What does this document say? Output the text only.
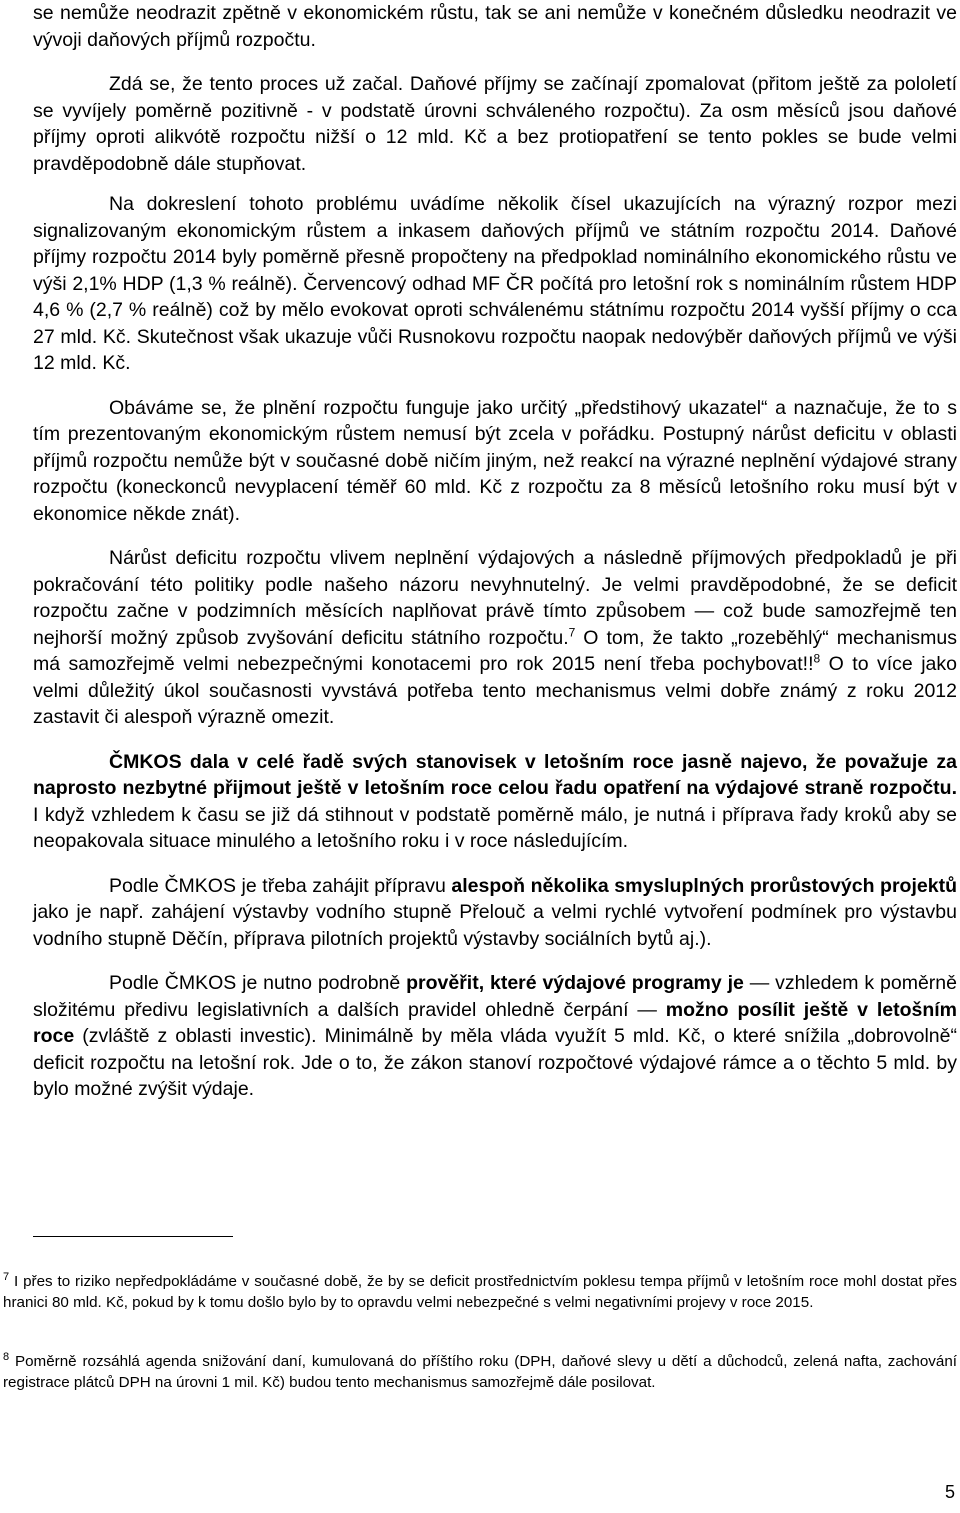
se nemůže neodrazit zpětně v ekonomickém růstu, tak se ani nemůže v konečném důsledku neodrazit ve vývoji daňových příjmů rozpočtu.

Zdá se, že tento proces už začal. Daňové příjmy se začínají zpomalovat (přitom ještě za pololetí se vyvíjely poměrně pozitivně - v podstatě úrovni schváleného rozpočtu). Za osm měsíců jsou daňové příjmy oproti alikvótě rozpočtu nižší o 12 mld. Kč a bez protiopatření se tento pokles se bude velmi pravděpodobně dále stupňovat.

Na dokreslení tohoto problému uvádíme několik čísel ukazujících na výrazný rozpor mezi signalizovaným ekonomickým růstem a inkasem daňových příjmů ve státním rozpočtu 2014. Daňové příjmy rozpočtu 2014 byly poměrně přesně propočteny na předpoklad nominálního ekonomického růstu ve výši 2,1% HDP (1,3 % reálně). Červencový odhad MF ČR počítá pro letošní rok s nominálním růstem HDP 4,6 % (2,7 % reálně) což by mělo evokovat oproti schválenému státnímu rozpočtu 2014 vyšší příjmy o cca 27 mld. Kč. Skutečnost však ukazuje vůči Rusnokovu rozpočtu naopak nedovýběr daňových příjmů ve výši 12 mld. Kč.

Obáváme se, že plnění rozpočtu funguje jako určitý „předstihový ukazatel“ a naznačuje, že to s tím prezentovaným ekonomickým růstem nemusí být zcela v pořádku. Postupný nárůst deficitu v oblasti příjmů rozpočtu nemůže být v současné době ničím jiným, než reakcí na výrazné neplnění výdajové strany rozpočtu (koneckonců nevyplacení téměř 60 mld. Kč z rozpočtu za 8 měsíců letošního roku musí být v ekonomice někde znát).

Nárůst deficitu rozpočtu vlivem neplnění výdajových a následně příjmových předpokladů je při pokračování této politiky podle našeho názoru nevyhnutelný. Je velmi pravděpodobné, že se deficit rozpočtu začne v podzimních měsících naplňovat právě tímto způsobem — což bude samozřejmě ten nejhorší možný způsob zvyšování deficitu státního rozpočtu.$^7$ O tom, že takto „rozeběhlý“ mechanismus má samozřejmě velmi nebezpečnými konotacemi pro rok 2015 není třeba pochybovat!!$^8$ O to více jako velmi důležitý úkol současnosti vyvstává potřeba tento mechanismus velmi dobře známý z roku 2012 zastavit či alespoň výrazně omezit.

ČMKOS dala v celé řadě svých stanovisek v letošním roce jasně najevo, že považuje za naprosto nezbytné přijmout ještě v letošním roce celou řadu opatření na výdajové straně rozpočtu. I když vzhledem k času se již dá stihnout v podstatě poměrně málo, je nutná i příprava řady kroků aby se neopakovala situace minulého a letošního roku i v roce následujícím.

Podle ČMKOS je třeba zahájit přípravu alespoň několika smysluplných prorůstových projektů jako je např. zahájení výstavby vodního stupně Přelouč a velmi rychlé vytvoření podmínek pro výstavbu vodního stupně Děčín, příprava pilotních projektů výstavby sociálních bytů aj.).

Podle ČMKOS je nutno podrobně prověřit, které výdajové programy je — vzhledem k poměrně složitému předivu legislativních a dalších pravidel ohledně čerpání — možno posílit ještě v letošním roce (zvláště z oblasti investic). Minimálně by měla vláda využít 5 mld. Kč, o které snížila „dobrovolně“ deficit rozpočtu na letošní rok. Jde o to, že zákon stanoví rozpočtové výdajové rámce a o těchto 5 mld. by bylo možné zvýšit výdaje.

$^7$ I přes to riziko nepředpokládáme v současné době, že by se deficit prostřednictvím poklesu tempa příjmů v letošním roce mohl dostat přes hranici 80 mld. Kč, pokud by k tomu došlo bylo by to opravdu velmi nebezpečné s velmi negativními projevy v roce 2015.

$^8$ Poměrně rozsáhlá agenda snižování daní, kumulovaná do příštího roku (DPH, daňové slevy u dětí a důchodců, zelená nafta, zachování registrace plátců DPH na úrovni 1 mil. Kč) budou tento mechanismus samozřejmě dále posilovat.

5
